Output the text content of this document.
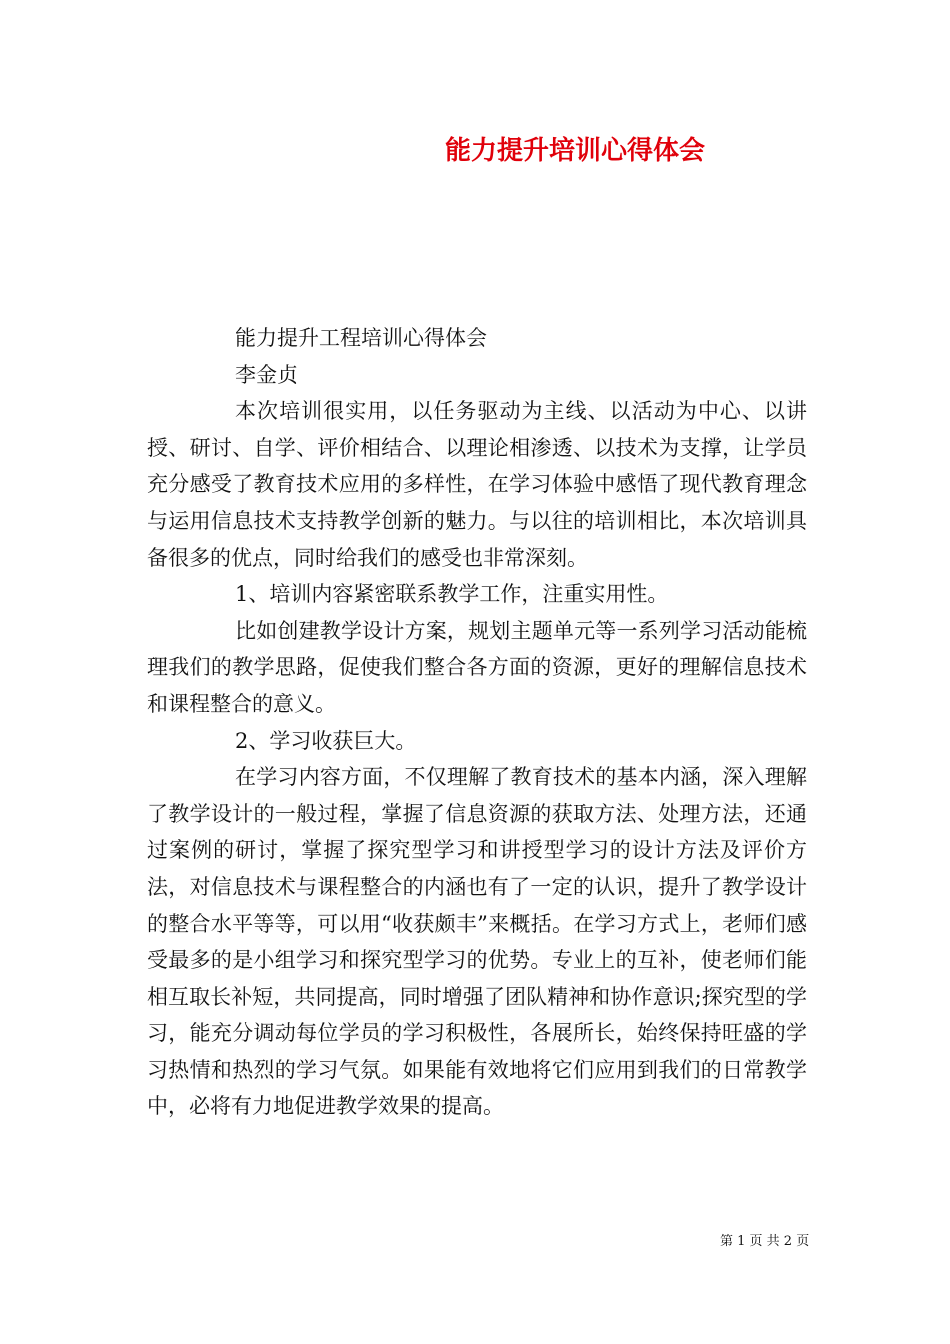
能力提升培训心得体会

能力提升工程培训心得体会

李金贞

本次培训很实用，以任务驱动为主线、以活动为中心、以讲授、研讨、自学、评价相结合、以理论相渗透、以技术为支撑，让学员充分感受了教育技术应用的多样性，在学习体验中感悟了现代教育理念与运用信息技术支持教学创新的魅力。与以往的培训相比，本次培训具备很多的优点，同时给我们的感受也非常深刻。

1、培训内容紧密联系教学工作，注重实用性。

比如创建教学设计方案，规划主题单元等一系列学习活动能梳理我们的教学思路，促使我们整合各方面的资源，更好的理解信息技术和课程整合的意义。

2、学习收获巨大。

在学习内容方面，不仅理解了教育技术的基本内涵，深入理解了教学设计的一般过程，掌握了信息资源的获取方法、处理方法，还通过案例的研讨，掌握了探究型学习和讲授型学习的设计方法及评价方法，对信息技术与课程整合的内涵也有了一定的认识，提升了教学设计的整合水平等等，可以用“收获颇丰”来概括。在学习方式上，老师们感受最多的是小组学习和探究型学习的优势。专业上的互补，使老师们能相互取长补短，共同提高，同时增强了团队精神和协作意识;探究型的学习，能充分调动每位学员的学习积极性，各展所长，始终保持旺盛的学习热情和热烈的学习气氛。如果能有效地将它们应用到我们的日常教学中，必将有力地促进教学效果的提高。

第 1 页 共 2 页
